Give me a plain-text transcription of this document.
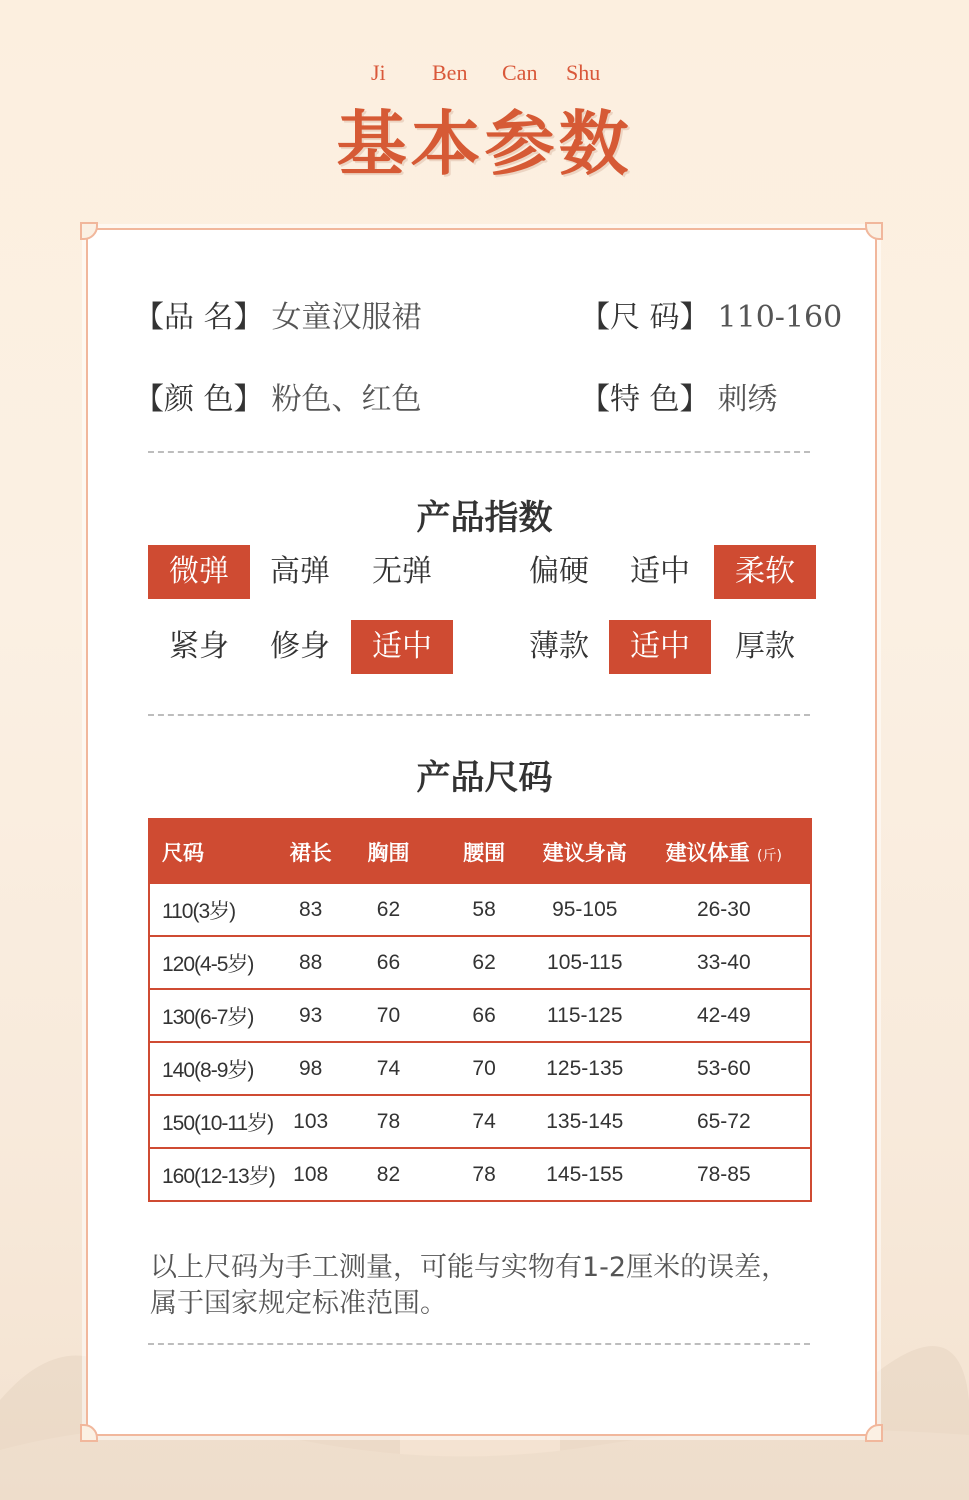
Ji Ben Can Shu
基本参数
【品 名】 女童汉服裙	【尺 码】 110-160
【颜 色】 粉色、红色	【特 色】 刺绣
产品指数
微弹	高弹	无弹	偏硬	适中	柔软
紧身	修身	适中	薄款	适中	厚款
产品尺码
尺码	裙长	胸围	腰围	建议身高	建议体重 (斤)
110(3岁)	83	62	58	95-105	26-30
120(4-5岁)	88	66	62	105-115	33-40
130(6-7岁)	93	70	66	115-125	42-49
140(8-9岁)	98	74	70	125-135	53-60
150(10-11岁)	103	78	74	135-145	65-72
160(12-13岁)	108	82	78	145-155	78-85
以上尺码为手工测量，可能与实物有1-2厘米的误差，
属于国家规定标准范围。
